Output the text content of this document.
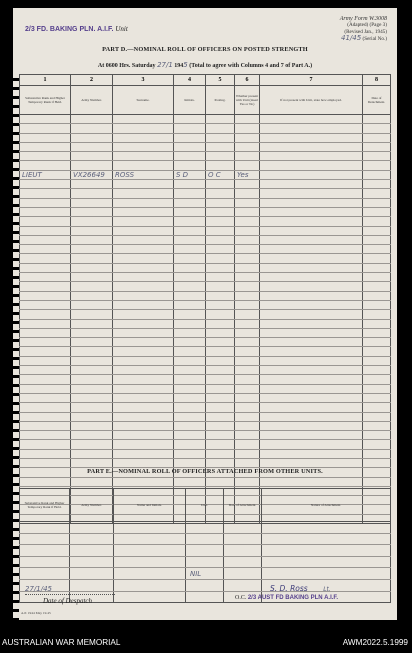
2/3 FD. BAKING PLN. A.I.F. Unit
Army Form W.3008
(Adapted) (Page 3)
(Revised Jan., 1945)
41/45 (Serial No.)
PART D.—NOMINAL ROLL OF OFFICERS ON POSTED STRENGTH
At 0600 Hrs. Saturday 27/1 1945 (Total to agree with Columns 4 and 7 of Part A.)
1	2	3	4	5	6	7	8
Substantive Rank and Higher Temporary Rank if Held.	Army Number.	Surname.	Initials.	Posting.	Whether present with Unit (insert Yes or No)	If not present with Unit, state how employed.	Date of Detachment.

LIEUT	VX26649	ROSS	S D	O C	Yes		

PART E.—NOMINAL ROLL OF OFFICERS ATTACHED FROM OTHER UNITS.
Substantive Rank and Higher Temporary Rank if Held.	Army Number.	Name and Initials.	Unit.	Date of Attachment.	Nature of Attachment.

			NIL		

27/1/45
Date of Despatch
S. D. Ross	Lt.
O.C. 2/3 AUST FD BAKING PLN A.I.F.
A.P. 1944 May 19.45
AUSTRALIAN WAR MEMORIAL	AWM2022.5.1999
